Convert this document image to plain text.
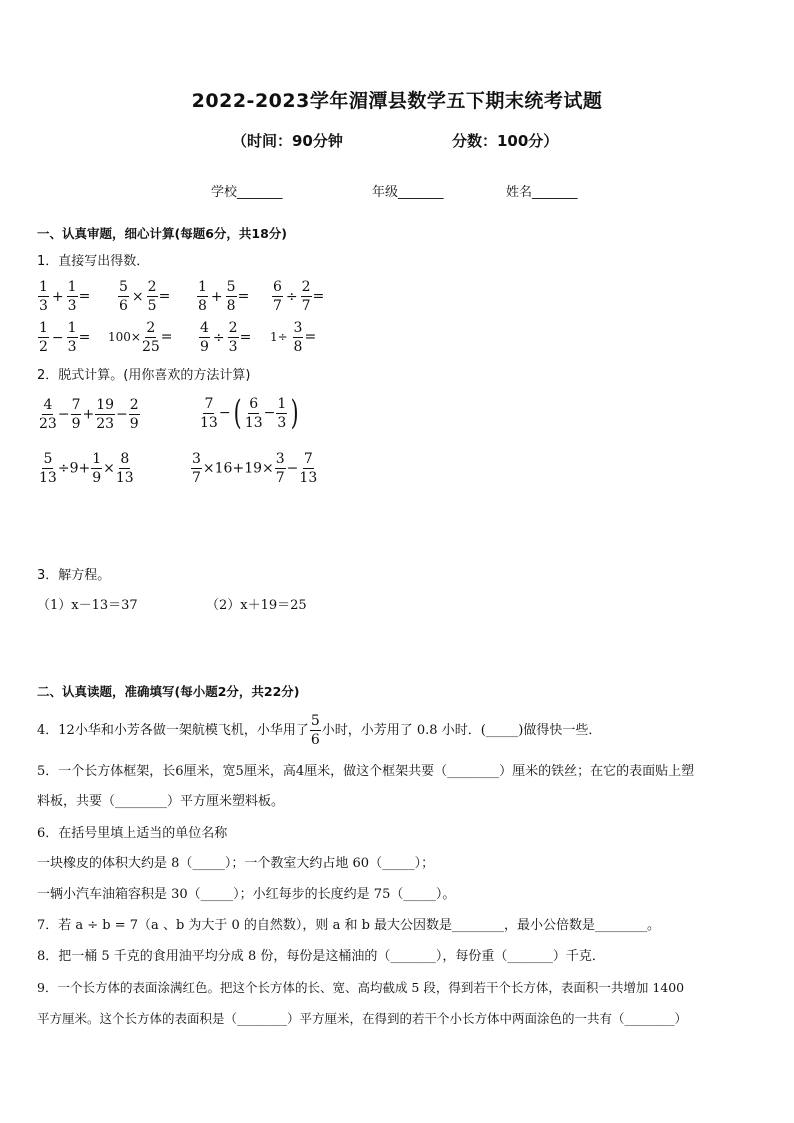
2022-2023学年湄潭县数学五下期末统考试题
（时间：90分钟	分数：100分）
学校_______	年级_______	姓名_______
一、认真审题，细心计算(每题6分，共18分)
1．直接写出得数．
$\frac{1}{3} + \frac{1}{3} = \frac{5}{6} \times \frac{2}{5} = \frac{1}{8} + \frac{5}{8} = \frac{6}{7} \div \frac{2}{7}$ =
$\frac{1}{2} - \frac{1}{3} = 100\times \frac{2}{25} = \frac{4}{9} \div \frac{2}{3} = 1\div \frac{3}{8}$ =
2．脱式计算。(用你喜欢的方法计算)
$\frac{4}{23} - \frac{7}{9} + \frac{19}{23} - \frac{2}{9}$	$\frac{7}{13}$ −( $\frac{6}{13} - \frac{1}{3}$ )
$\frac{5}{13} \div 9+ \frac{1}{9} \times \frac{8}{13}$	$\frac{3}{7} \times 16+19\times \frac{3}{7} - \frac{7}{13}$
3．解方程。
（1）x－13＝37	（2）x＋19＝25
二、认真读题，准确填写(每小题2分，共22分)
4．12小华和小芳各做一架航模飞机，小华用了 $\frac{5}{6}$ 小时，小芳用了 0.8 小时．(_____)做得快一些．
5．一个长方体框架，长6厘米，宽5厘米，高4厘米，做这个框架共要（________）厘米的铁丝；在它的表面贴上塑
料板，共要（________）平方厘米塑料板。
6．在括号里填上适当的单位名称
一块橡皮的体积大约是 8（_____）；一个教室大约占地 60（_____）；
一辆小汽车油箱容积是 30（_____）；小红每步的长度约是 75（_____）。
7．若 a ÷ b = 7（a 、b 为大于 0 的自然数），则 a 和 b 最大公因数是________，最小公倍数是________。
8．把一桶 5 千克的食用油平均分成 8 份，每份是这桶油的（_______），每份重（_______）千克．
9．一个长方体的表面涂满红色。把这个长方体的长、宽、高均截成 5 段，得到若干个长方体，表面积一共增加 1400
平方厘米。这个长方体的表面积是（________）平方厘米，在得到的若干个小长方体中两面涂色的一共有（________）
